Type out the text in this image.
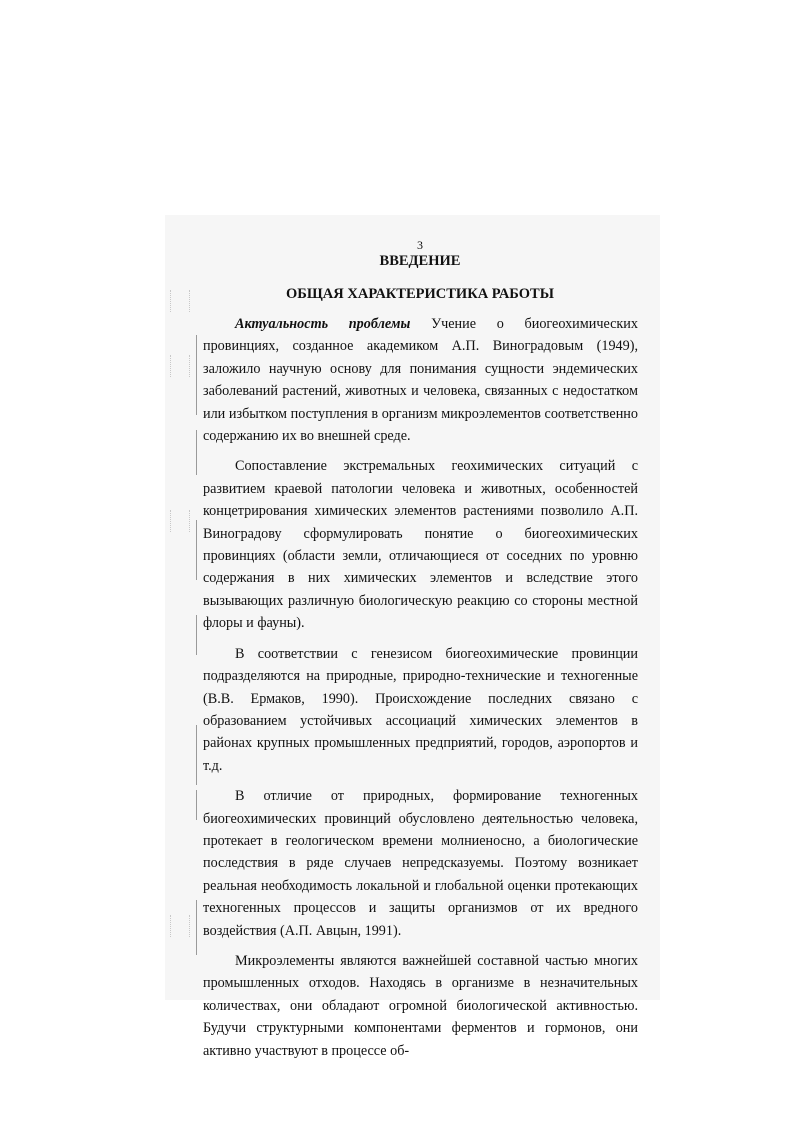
3
ВВЕДЕНИЕ
ОБЩАЯ ХАРАКТЕРИСТИКА РАБОТЫ

Актуальность проблемы Учение о биогеохимических провинциях, созданное академиком А.П. Виноградовым (1949), заложило научную основу для понимания сущности эндемических заболеваний растений, животных и человека, связанных с недостатком или избытком поступления в организм микроэлементов соответственно содержанию их во внешней среде.

Сопоставление экстремальных геохимических ситуаций с развитием краевой патологии человека и животных, особенностей концетрирования химических элементов растениями позволило А.П. Виноградову сформулировать понятие о биогеохимических провинциях (области земли, отличающиеся от соседних по уровню содержания в них химических элементов и вследствие этого вызывающих различную биологическую реакцию со стороны местной флоры и фауны).

В соответствии с генезисом биогеохимические провинции подразделяются на природные, природно-технические и техногенные (В.В. Ермаков, 1990). Происхождение последних связано с образованием устойчивых ассоциаций химических элементов в районах крупных промышленных предприятий, городов, аэропортов и т.д.

В отличие от природных, формирование техногенных биогеохимических провинций обусловлено деятельностью человека, протекает в геологическом времени молниеносно, а биологические последствия в ряде случаев непредсказуемы. Поэтому возникает реальная необходимость локальной и глобальной оценки протекающих техногенных процессов и защиты организмов от их вредного воздействия (А.П. Авцын, 1991).

Микроэлементы являются важнейшей составной частью многих промышленных отходов. Находясь в организме в незначительных количествах, они обладают огромной биологической активностью. Будучи структурными компонентами ферментов и гормонов, они активно участвуют в процессе об-
